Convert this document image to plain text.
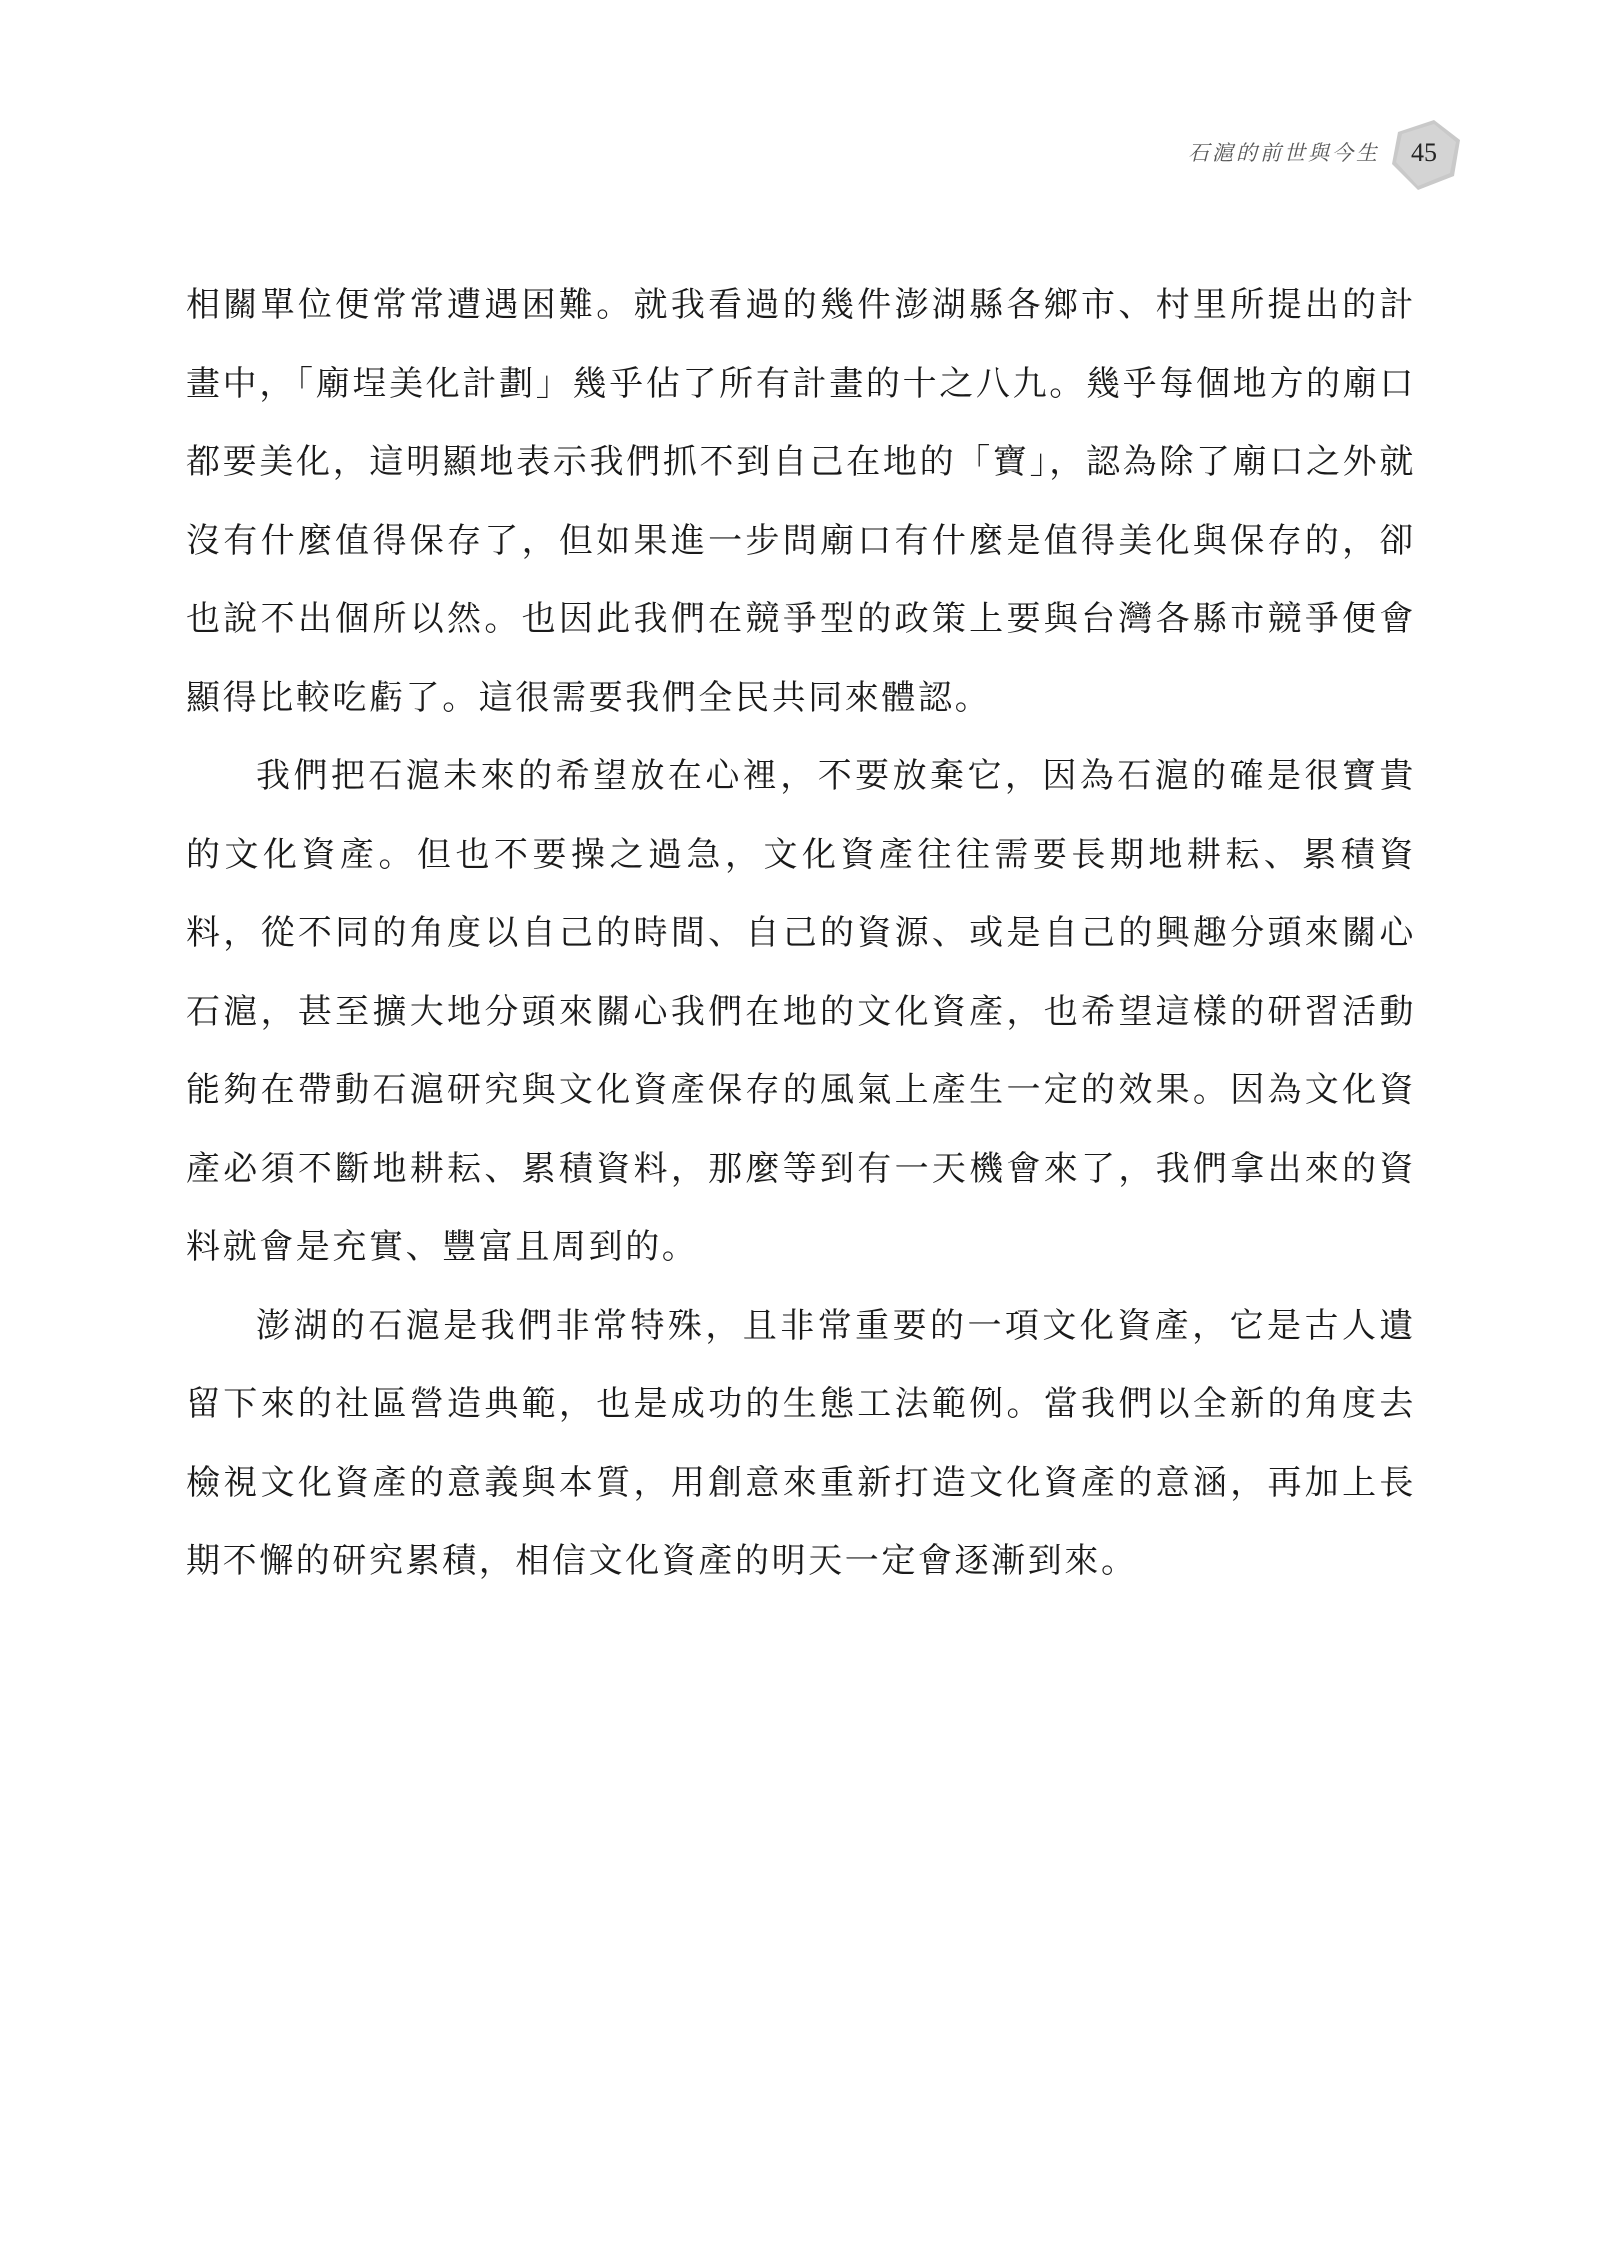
石滬的前世與今生	45

相關單位便常常遭遇困難。就我看過的幾件澎湖縣各鄉市、村里所提出的計畫中，「廟埕美化計劃」幾乎佔了所有計畫的十之八九。幾乎每個地方的廟口都要美化，這明顯地表示我們抓不到自己在地的「寶」，認為除了廟口之外就沒有什麼值得保存了，但如果進一步問廟口有什麼是值得美化與保存的，卻也說不出個所以然。也因此我們在競爭型的政策上要與台灣各縣市競爭便會顯得比較吃虧了。這很需要我們全民共同來體認。

我們把石滬未來的希望放在心裡，不要放棄它，因為石滬的確是很寶貴的文化資產。但也不要操之過急，文化資產往往需要長期地耕耘、累積資料，從不同的角度以自己的時間、自己的資源、或是自己的興趣分頭來關心石滬，甚至擴大地分頭來關心我們在地的文化資產，也希望這樣的研習活動能夠在帶動石滬研究與文化資產保存的風氣上產生一定的效果。因為文化資產必須不斷地耕耘、累積資料，那麼等到有一天機會來了，我們拿出來的資料就會是充實、豐富且周到的。

澎湖的石滬是我們非常特殊，且非常重要的一項文化資產，它是古人遺留下來的社區營造典範，也是成功的生態工法範例。當我們以全新的角度去檢視文化資產的意義與本質，用創意來重新打造文化資產的意涵，再加上長期不懈的研究累積，相信文化資產的明天一定會逐漸到來。
